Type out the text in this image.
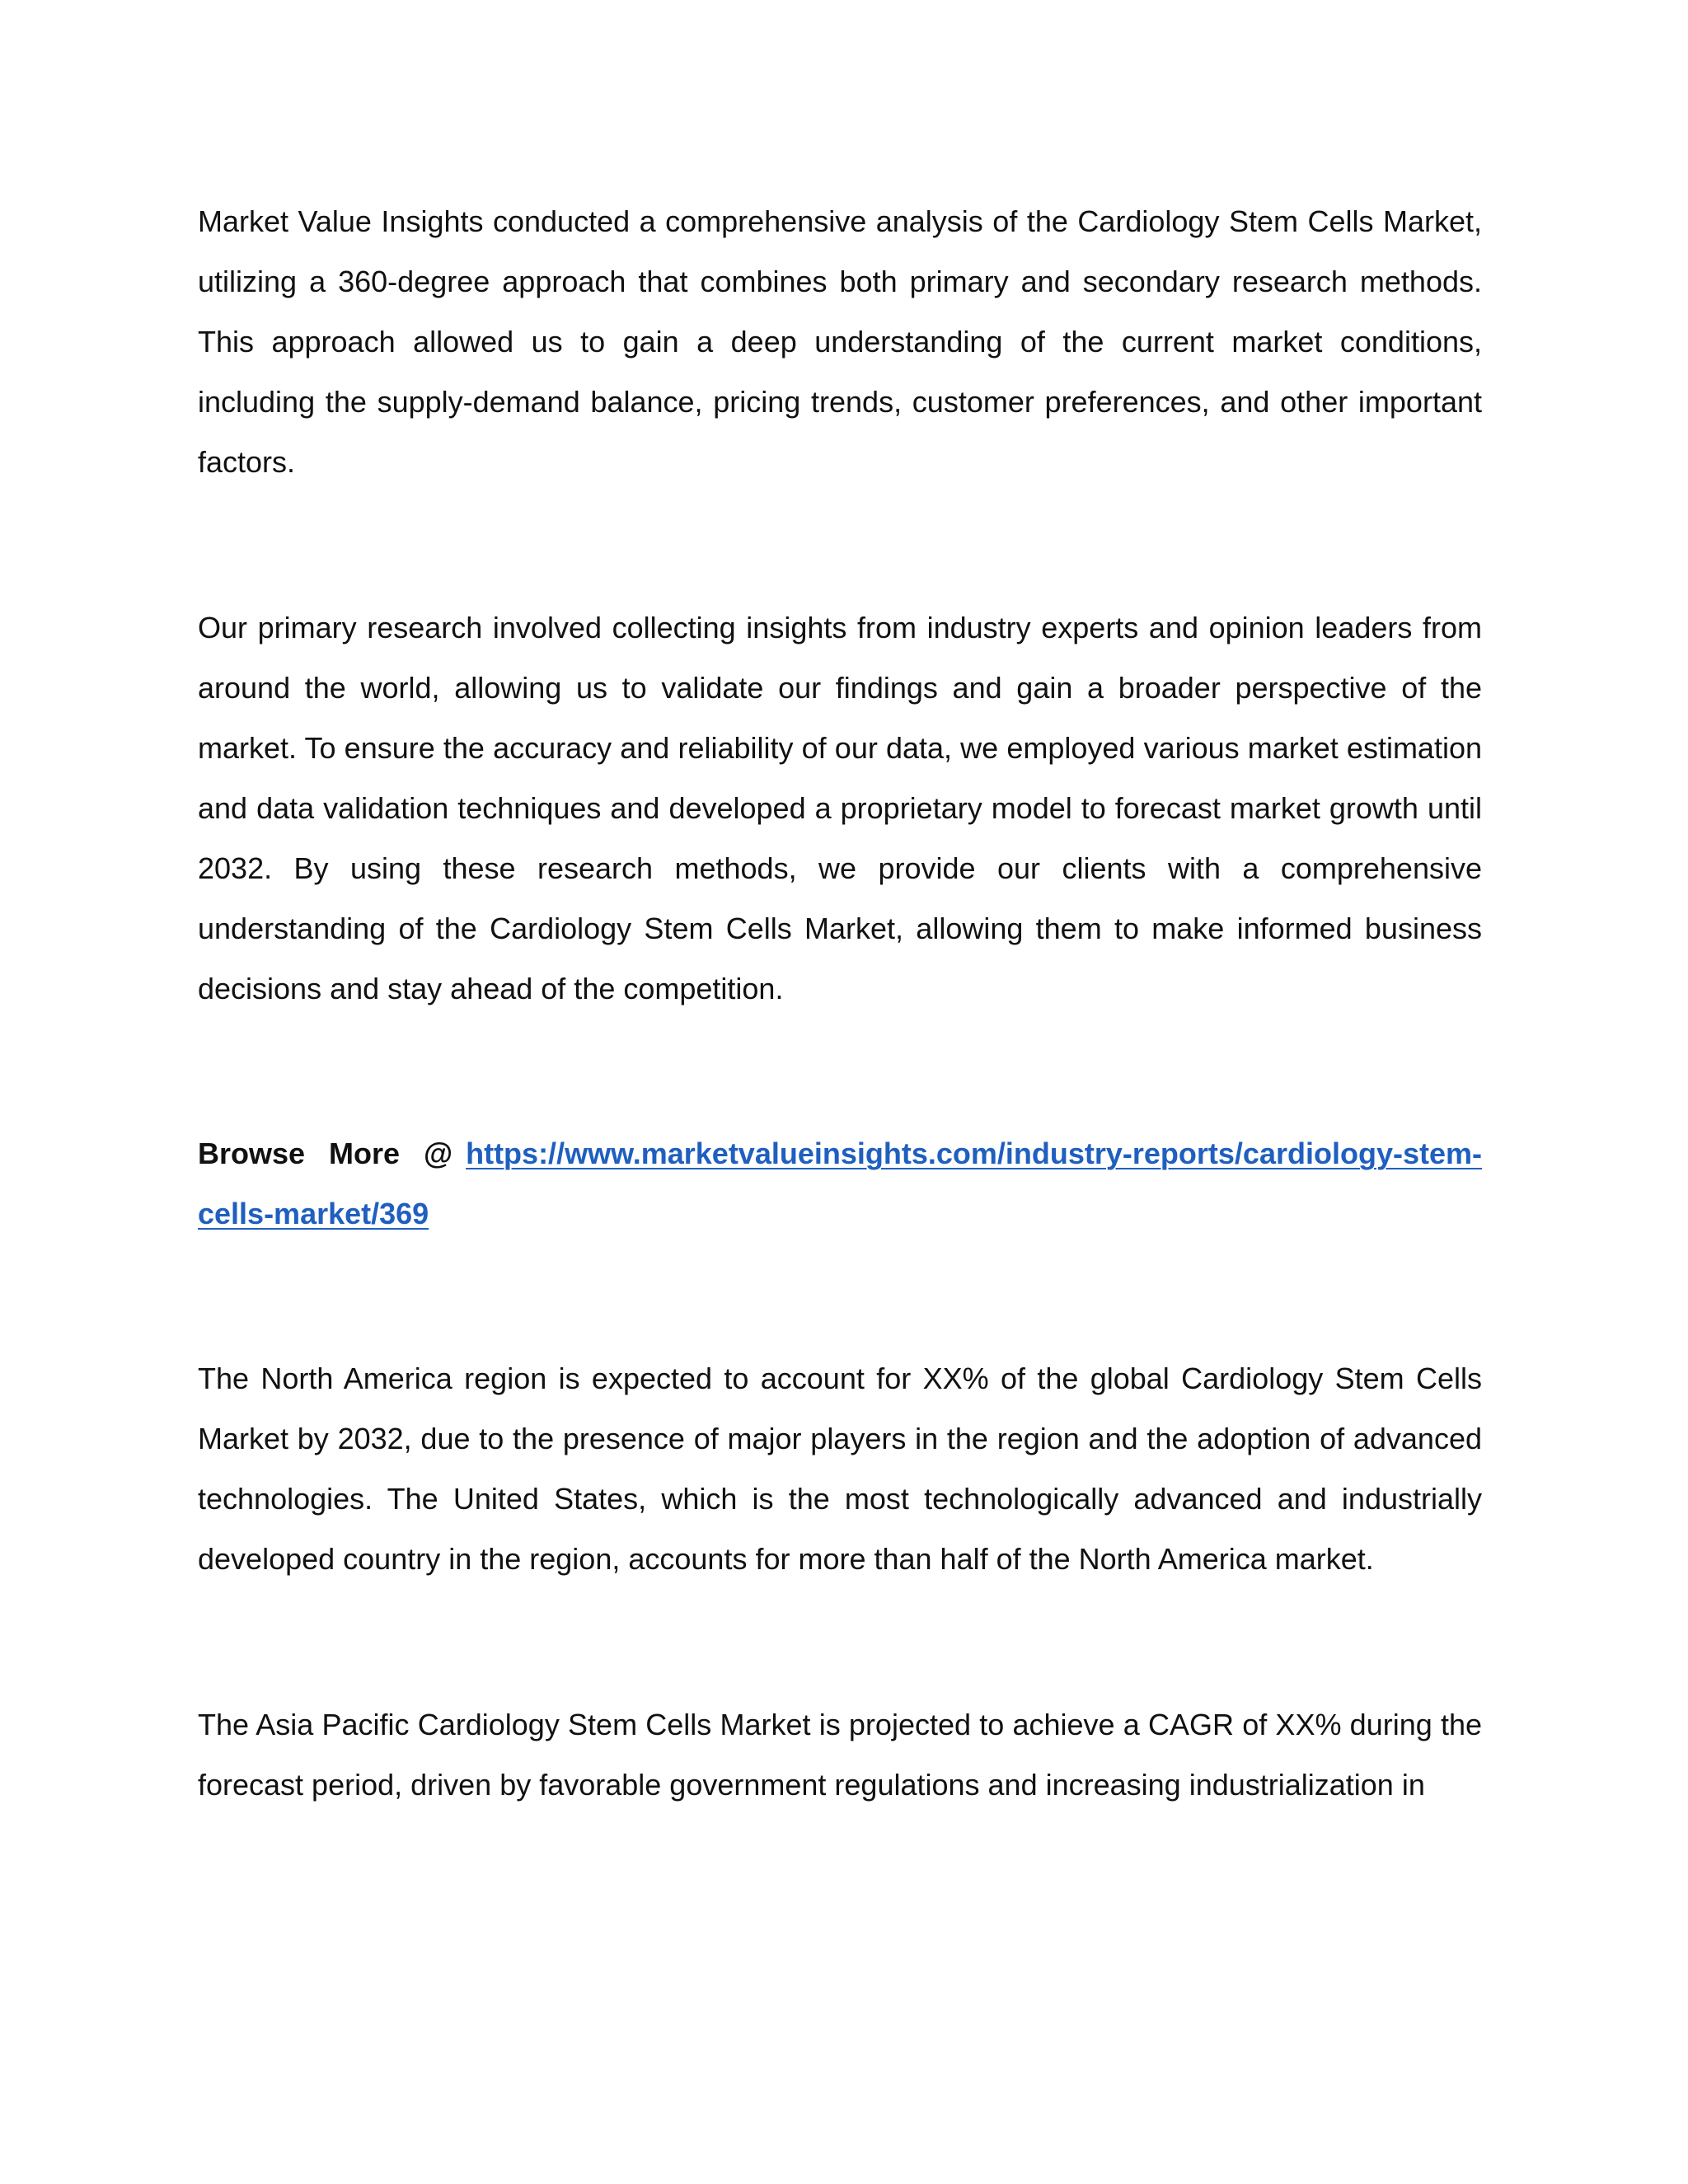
Market Value Insights conducted a comprehensive analysis of the Cardiology Stem Cells Market, utilizing a 360-degree approach that combines both primary and secondary research methods. This approach allowed us to gain a deep understanding of the current market conditions, including the supply-demand balance, pricing trends, customer preferences, and other important factors.

Our primary research involved collecting insights from industry experts and opinion leaders from around the world, allowing us to validate our findings and gain a broader perspective of the market. To ensure the accuracy and reliability of our data, we employed various market estimation and data validation techniques and developed a proprietary model to forecast market growth until 2032. By using these research methods, we provide our clients with a comprehensive understanding of the Cardiology Stem Cells Market, allowing them to make informed business decisions and stay ahead of the competition.

Browse More @ https://www.marketvalueinsights.com/industry-reports/cardiology-stem-cells-market/369

The North America region is expected to account for XX% of the global Cardiology Stem Cells Market by 2032, due to the presence of major players in the region and the adoption of advanced technologies. The United States, which is the most technologically advanced and industrially developed country in the region, accounts for more than half of the North America market.

The Asia Pacific Cardiology Stem Cells Market is projected to achieve a CAGR of XX% during the forecast period, driven by favorable government regulations and increasing industrialization in
